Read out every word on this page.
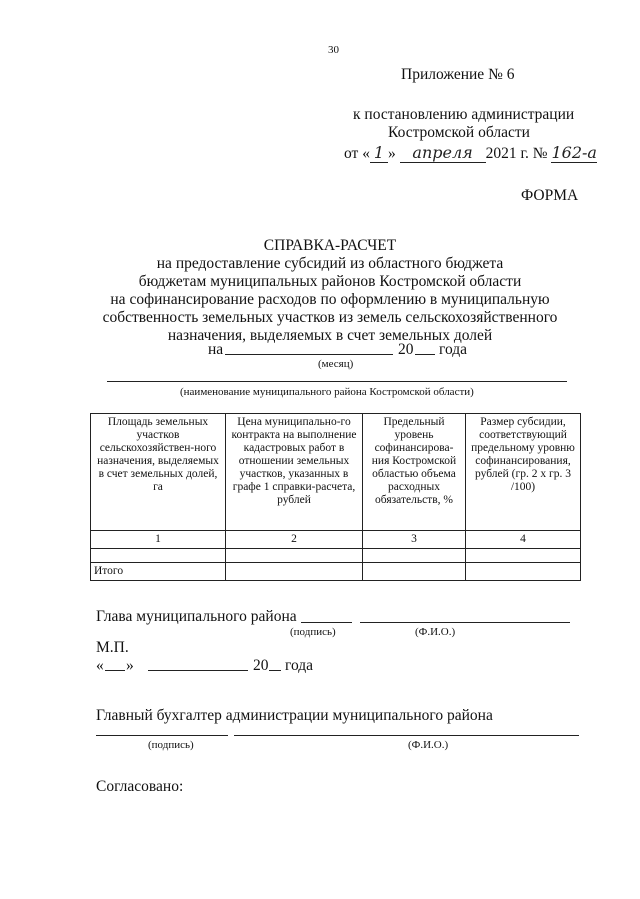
30
Приложение № 6
к постановлению администрации
Костромской области
от « 1 » апреля 2021 г. № 162-а
ФОРМА
СПРАВКА-РАСЧЕТ
на предоставление субсидий из областного бюджета
бюджетам муниципальных районов Костромской области
на софинансирование расходов по оформлению в муниципальную
собственность земельных участков из земель сельскохозяйственного
назначения, выделяемых в счет земельных долей
на	20 года
(месяц)
(наименование муниципального района Костромской области)
Площадь земельных участков сельскохозяйствен-ного назначения, выделяемых в счет земельных долей, га	Цена муниципально-го контракта на выполнение кадастровых работ в отношении земельных участков, указанных в графе 1 справки-расчета, рублей	Предельный уровень софинансирова-ния Костромской областью объема расходных обязательств, %	Размер субсидии, соответствующий предельному уровню софинансирования, рублей (гр. 2 х гр. 3 /100)
1	2	3	4

Итого			
Глава муниципального района
(подпись)	(Ф.И.О.)
М.П.
« »	20 года
Главный бухгалтер администрации муниципального района
(подпись)	(Ф.И.О.)
Согласовано:
